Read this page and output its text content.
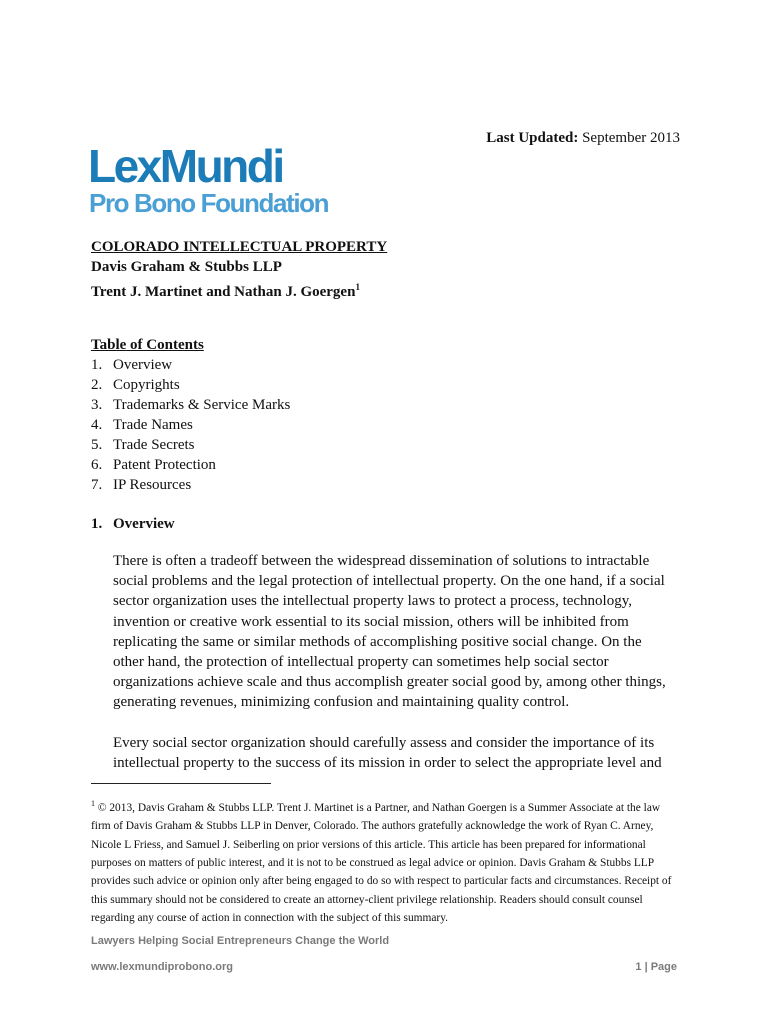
Last Updated: September 2013
LexMundi
Pro Bono Foundation
COLORADO INTELLECTUAL PROPERTY
Davis Graham & Stubbs LLP
Trent J. Martinet and Nathan J. Goergen$^1$
Table of Contents
1. Overview
2. Copyrights
3. Trademarks & Service Marks
4. Trade Names
5. Trade Secrets
6. Patent Protection
7. IP Resources
1. Overview

There is often a tradeoff between the widespread dissemination of solutions to intractable social problems and the legal protection of intellectual property. On the one hand, if a social sector organization uses the intellectual property laws to protect a process, technology, invention or creative work essential to its social mission, others will be inhibited from replicating the same or similar methods of accomplishing positive social change. On the other hand, the protection of intellectual property can sometimes help social sector organizations achieve scale and thus accomplish greater social good by, among other things, generating revenues, minimizing confusion and maintaining quality control.

Every social sector organization should carefully assess and consider the importance of its intellectual property to the success of its mission in order to select the appropriate level and

$^1$ © 2013, Davis Graham & Stubbs LLP. Trent J. Martinet is a Partner, and Nathan Goergen is a Summer Associate at the law firm of Davis Graham & Stubbs LLP in Denver, Colorado. The authors gratefully acknowledge the work of Ryan C. Arney, Nicole L Friess, and Samuel J. Seiberling on prior versions of this article. This article has been prepared for informational purposes on matters of public interest, and it is not to be construed as legal advice or opinion. Davis Graham & Stubbs LLP provides such advice or opinion only after being engaged to do so with respect to particular facts and circumstances. Receipt of this summary should not be considered to create an attorney-client privilege relationship. Readers should consult counsel regarding any course of action in connection with the subject of this summary.
Lawyers Helping Social Entrepreneurs Change the World
www.lexmundiprobono.org	1 | Page
